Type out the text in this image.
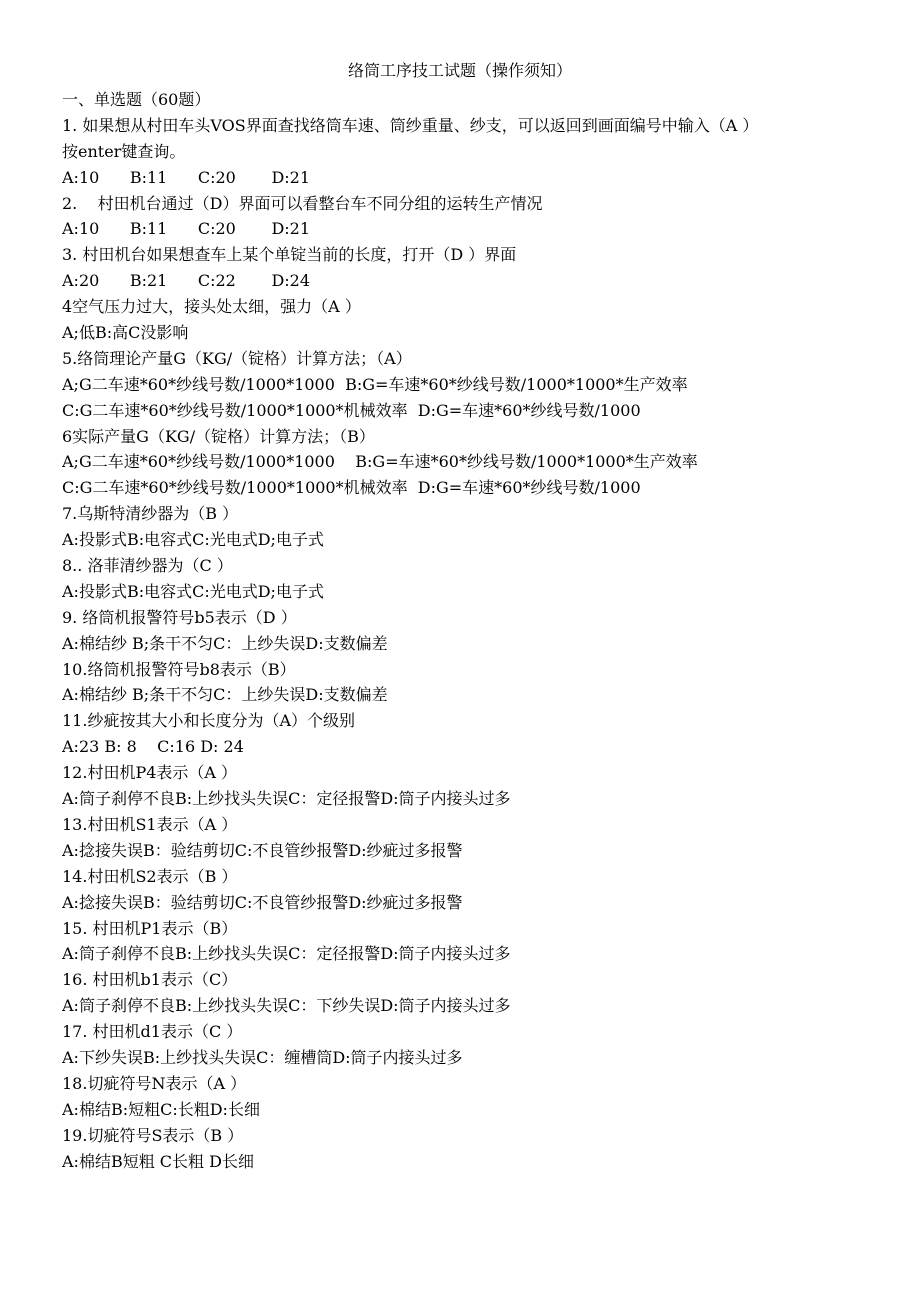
络筒工序技工试题（操作须知）
一、单选题（60题）
1. 如果想从村田车头VOS界面查找络筒车速、筒纱重量、纱支，可以返回到画面编号中输入（A ）
按enter键查询。
A:10      B:11      C:20       D:21
2.    村田机台通过（D）界面可以看整台车不同分组的运转生产情况
A:10      B:11      C:20       D:21
3. 村田机台如果想查车上某个单锭当前的长度，打开（D ）界面
A:20      B:21      C:22       D:24
4空气压力过大，接头处太细，强力（A ）
A;低B:高C没影响
5.络筒理论产量G（KG/（锭格）计算方法；（A）
A;G二车速*60*纱线号数/1000*1000  B:G=车速*60*纱线号数/1000*1000*生产效率
C:G二车速*60*纱线号数/1000*1000*机械效率  D:G=车速*60*纱线号数/1000
6实际产量G（KG/（锭格）计算方法；（B）
A;G二车速*60*纱线号数/1000*1000    B:G=车速*60*纱线号数/1000*1000*生产效率
C:G二车速*60*纱线号数/1000*1000*机械效率  D:G=车速*60*纱线号数/1000
7.乌斯特清纱器为（B ）
A:投影式B:电容式C:光电式D;电子式
8.. 洛菲清纱器为（C ）
A:投影式B:电容式C:光电式D;电子式
9. 络筒机报警符号b5表示（D ）
A:棉结纱 B;条干不匀C：上纱失误D:支数偏差
10.络筒机报警符号b8表示（B）
A:棉结纱 B;条干不匀C：上纱失误D:支数偏差
11.纱疵按其大小和长度分为（A）个级别
A:23 B: 8    C:16 D: 24
12.村田机P4表示（A ）
A:筒子刹停不良B:上纱找头失误C：定径报警D:筒子内接头过多
13.村田机S1表示（A ）
A:捻接失误B：验结剪切C:不良管纱报警D:纱疵过多报警
14.村田机S2表示（B ）
A:捻接失误B：验结剪切C:不良管纱报警D:纱疵过多报警
15. 村田机P1表示（B）
A:筒子刹停不良B:上纱找头失误C：定径报警D:筒子内接头过多
16. 村田机b1表示（C）
A:筒子刹停不良B:上纱找头失误C：下纱失误D:筒子内接头过多
17. 村田机d1表示（C ）
A:下纱失误B:上纱找头失误C：缠槽筒D:筒子内接头过多
18.切疵符号N表示（A ）
A:棉结B:短粗C:长粗D:长细
19.切疵符号S表示（B ）
A:棉结B短粗 C长粗 D长细
